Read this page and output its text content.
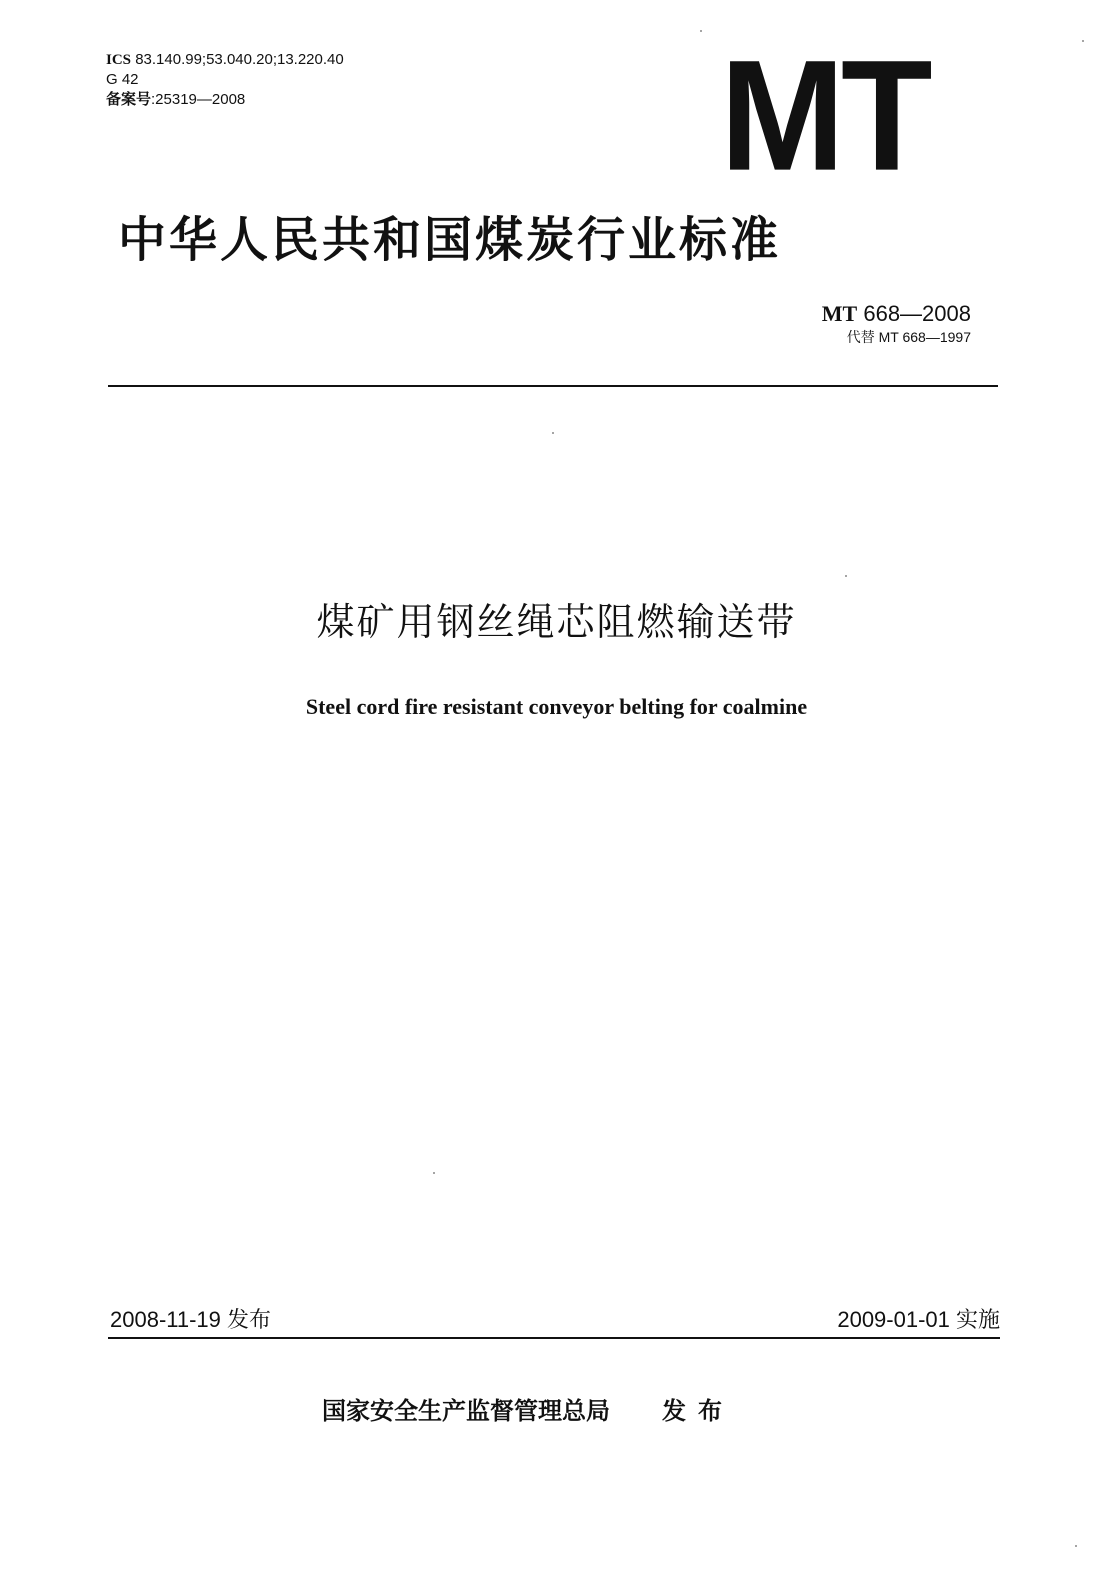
ICS 83.140.99;53.040.20;13.220.40
G 42
备案号:25319—2008	MT
中华人民共和国煤炭行业标准
MT 668—2008
代替 MT 668—1997
煤矿用钢丝绳芯阻燃输送带
Steel cord fire resistant conveyor belting for coalmine
2008-11-19 发布	2009-01-01 实施
国家安全生产监督管理总局 发布
